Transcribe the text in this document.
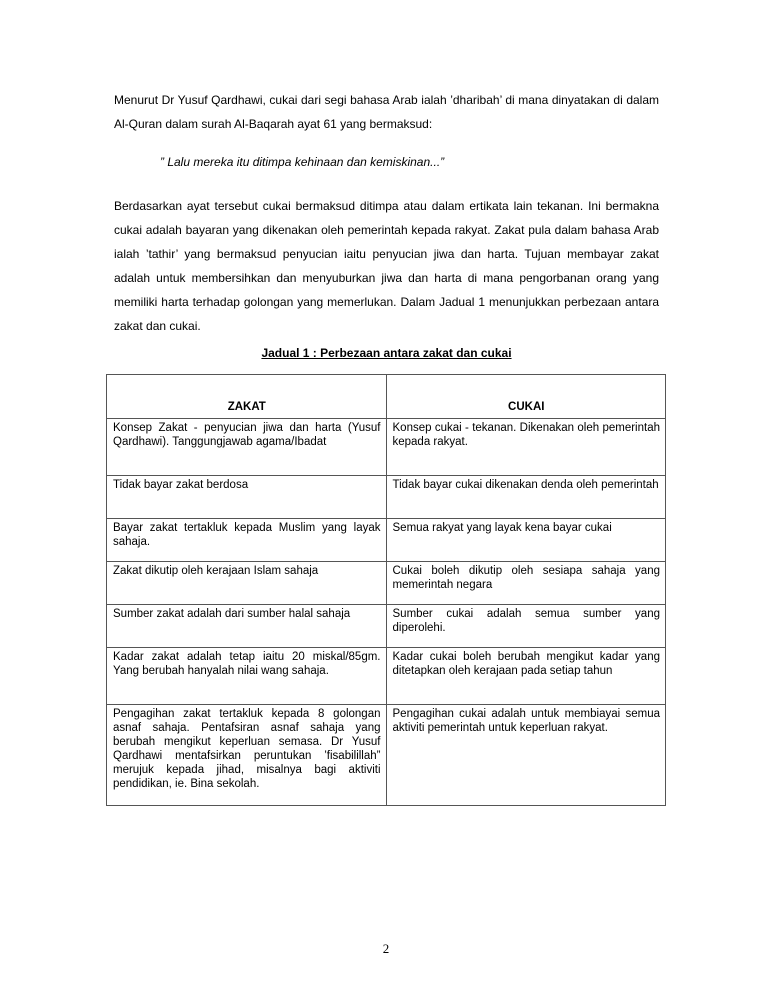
Menurut Dr Yusuf Qardhawi, cukai dari segi bahasa Arab ialah ’dharibah’ di mana dinyatakan di dalam Al-Quran dalam surah Al-Baqarah ayat 61 yang bermaksud:

” Lalu mereka itu ditimpa kehinaan dan kemiskinan...”

Berdasarkan ayat tersebut cukai bermaksud ditimpa atau dalam ertikata lain tekanan. Ini bermakna cukai adalah bayaran yang dikenakan oleh pemerintah kepada rakyat. Zakat pula dalam bahasa Arab ialah ’tathir’ yang bermaksud penyucian iaitu penyucian jiwa dan harta. Tujuan membayar zakat adalah untuk membersihkan dan menyuburkan jiwa dan harta di mana pengorbanan orang yang memiliki harta terhadap golongan yang memerlukan. Dalam Jadual 1 menunjukkan perbezaan antara zakat dan cukai.

Jadual 1 : Perbezaan antara zakat dan cukai
ZAKAT	CUKAI
Konsep Zakat - penyucian jiwa dan harta (Yusuf Qardhawi). Tanggungjawab agama/Ibadat	Konsep cukai - tekanan. Dikenakan oleh pemerintah kepada rakyat.
Tidak bayar zakat berdosa	Tidak bayar cukai dikenakan denda oleh pemerintah
Bayar zakat tertakluk kepada Muslim yang layak sahaja.	Semua rakyat yang layak kena bayar cukai
Zakat dikutip oleh kerajaan Islam sahaja	Cukai boleh dikutip oleh sesiapa sahaja yang memerintah negara
Sumber zakat adalah dari sumber halal sahaja	Sumber cukai adalah semua sumber yang diperolehi.
Kadar zakat adalah tetap iaitu 20 miskal/85gm. Yang berubah hanyalah nilai wang sahaja.	Kadar cukai boleh berubah mengikut kadar yang ditetapkan oleh kerajaan pada setiap tahun
Pengagihan zakat tertakluk kepada 8 golongan asnaf sahaja. Pentafsiran asnaf sahaja yang berubah mengikut keperluan semasa. Dr Yusuf Qardhawi mentafsirkan peruntukan ’fisabilillah” merujuk kepada jihad, misalnya bagi aktiviti pendidikan, ie. Bina sekolah.	Pengagihan cukai adalah untuk membiayai semua aktiviti pemerintah untuk keperluan rakyat.
2
